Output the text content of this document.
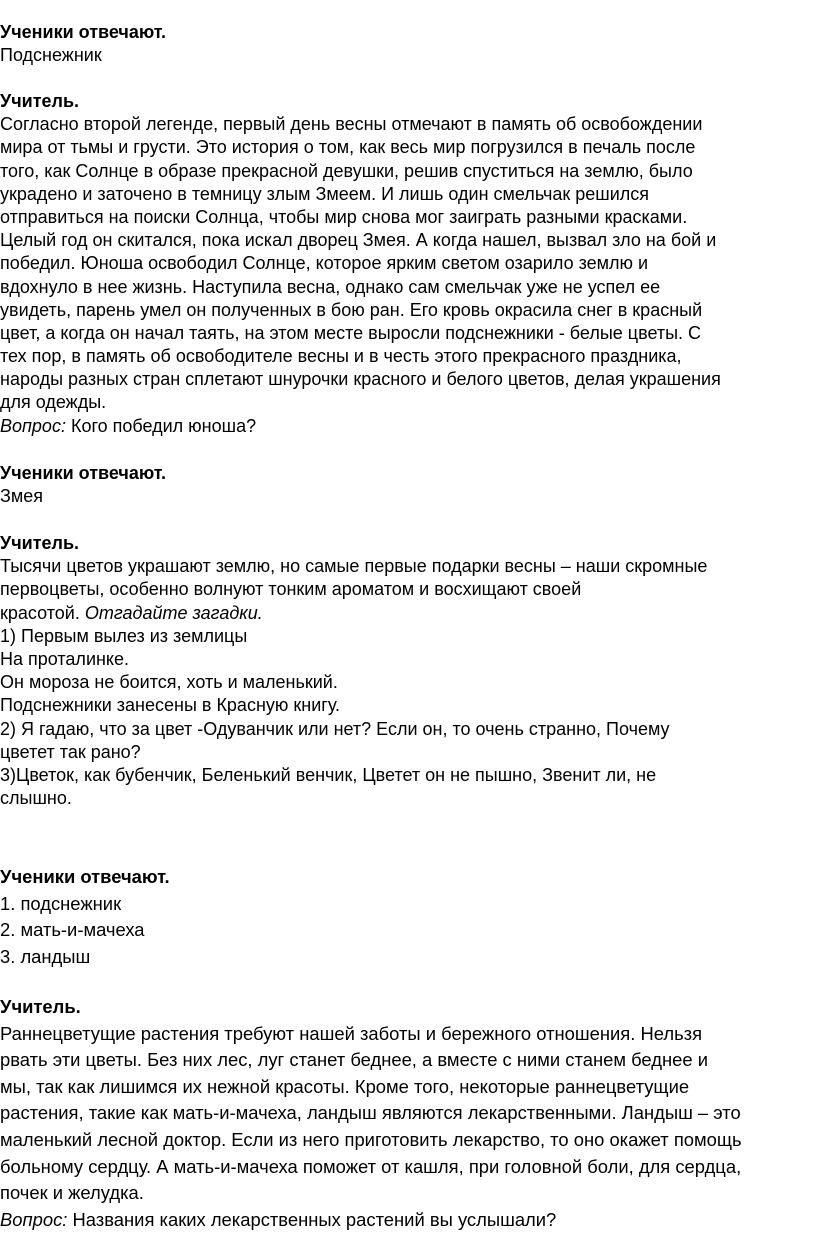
Ученики отвечают.
Подснежник
Учитель.
Согласно второй легенде, первый день весны отмечают в память об освобождении
мира от тьмы и грусти. Это история о том, как весь мир погрузился в печаль после
того, как Солнце в образе прекрасной девушки, решив спуститься на землю, было
украдено и заточено в темницу злым Змеем. И лишь один смельчак решился
отправиться на поиски Солнца, чтобы мир снова мог заиграть разными красками.
Целый год он скитался, пока искал дворец Змея. А когда нашел, вызвал зло на бой и
победил. Юноша освободил Солнце, которое ярким светом озарило землю и
вдохнуло в нее жизнь. Наступила весна, однако сам смельчак уже не успел ее
увидеть, парень умел он полученных в бою ран. Его кровь окрасила снег в красный
цвет, а когда он начал таять, на этом месте выросли подснежники - белые цветы. С
тех пор, в память об освободителе весны и в честь этого прекрасного праздника,
народы разных стран сплетают шнурочки красного и белого цветов, делая украшения
для одежды.
Вопрос: Кого победил юноша?
Ученики отвечают.
Змея
Учитель.
Тысячи цветов украшают землю, но самые первые подарки весны – наши скромные
первоцветы, особенно волнуют тонким ароматом и восхищают своей
красотой. Отгадайте загадки.
1) Первым вылез из землицы
На проталинке.
Он мороза не боится, хоть и маленький.
Подснежники занесены в Красную книгу.
2) Я гадаю, что за цвет -Одуванчик или нет? Если он, то очень странно, Почему
цветет так рано?
3)Цветок, как бубенчик, Беленький венчик, Цветет он не пышно, Звенит ли, не
слышно.
Ученики отвечают.
1. подснежник
2. мать-и-мачеха
3. ландыш
Учитель.
Раннецветущие растения требуют нашей заботы и бережного отношения. Нельзя
рвать эти цветы. Без них лес, луг станет беднее, а вместе с ними станем беднее и
мы, так как лишимся их нежной красоты. Кроме того, некоторые раннецветущие
растения, такие как мать-и-мачеха, ландыш являются лекарственными. Ландыш – это
маленький лесной доктор. Если из него приготовить лекарство, то оно окажет помощь
больному сердцу. А мать-и-мачеха поможет от кашля, при головной боли, для сердца,
почек и желудка.
Вопрос: Названия каких лекарственных растений вы услышали?
